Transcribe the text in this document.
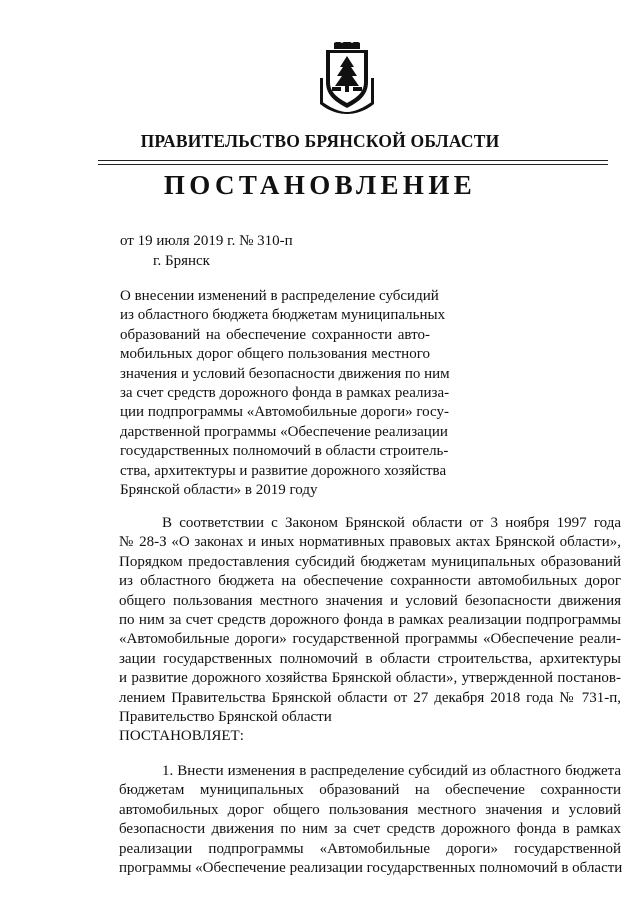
ПРАВИТЕЛЬСТВО БРЯНСКОЙ ОБЛАСТИ
ПОСТАНОВЛЕНИЕ
от 19 июля 2019 г. № 310-п
г. Брянск
О внесении изменений в распределение субсидий
из областного бюджета бюджетам муниципальных
образований на обеспечение сохранности авто-
мобильных дорог общего пользования местного
значения и условий безопасности движения по ним
за счет средств дорожного фонда в рамках реализа-
ции подпрограммы «Автомобильные дороги» госу-
дарственной программы «Обеспечение реализации
государственных полномочий в области строитель-
ства, архитектуры и развитие дорожного хозяйства
Брянской области» в 2019 году
В соответствии с Законом Брянской области от 3 ноября 1997 года
№ 28-З «О законах и иных нормативных правовых актах Брянской области»,
Порядком предоставления субсидий бюджетам муниципальных образований
из областного бюджета на обеспечение сохранности автомобильных дорог
общего пользования местного значения и условий безопасности движения
по ним за счет средств дорожного фонда в рамках реализации подпрограммы
«Автомобильные дороги» государственной программы «Обеспечение реали-
зации государственных полномочий в области строительства, архитектуры
и развитие дорожного хозяйства Брянской области», утвержденной постанов-
лением Правительства Брянской области от 27 декабря 2018 года № 731-п,
Правительство Брянской области
ПОСТАНОВЛЯЕТ:
1. Внести изменения в распределение субсидий из областного бюджета
бюджетам муниципальных образований на обеспечение сохранности
автомобильных дорог общего пользования местного значения и условий
безопасности движения по ним за счет средств дорожного фонда в рамках
реализации подпрограммы «Автомобильные дороги» государственной
программы «Обеспечение реализации государственных полномочий в области
